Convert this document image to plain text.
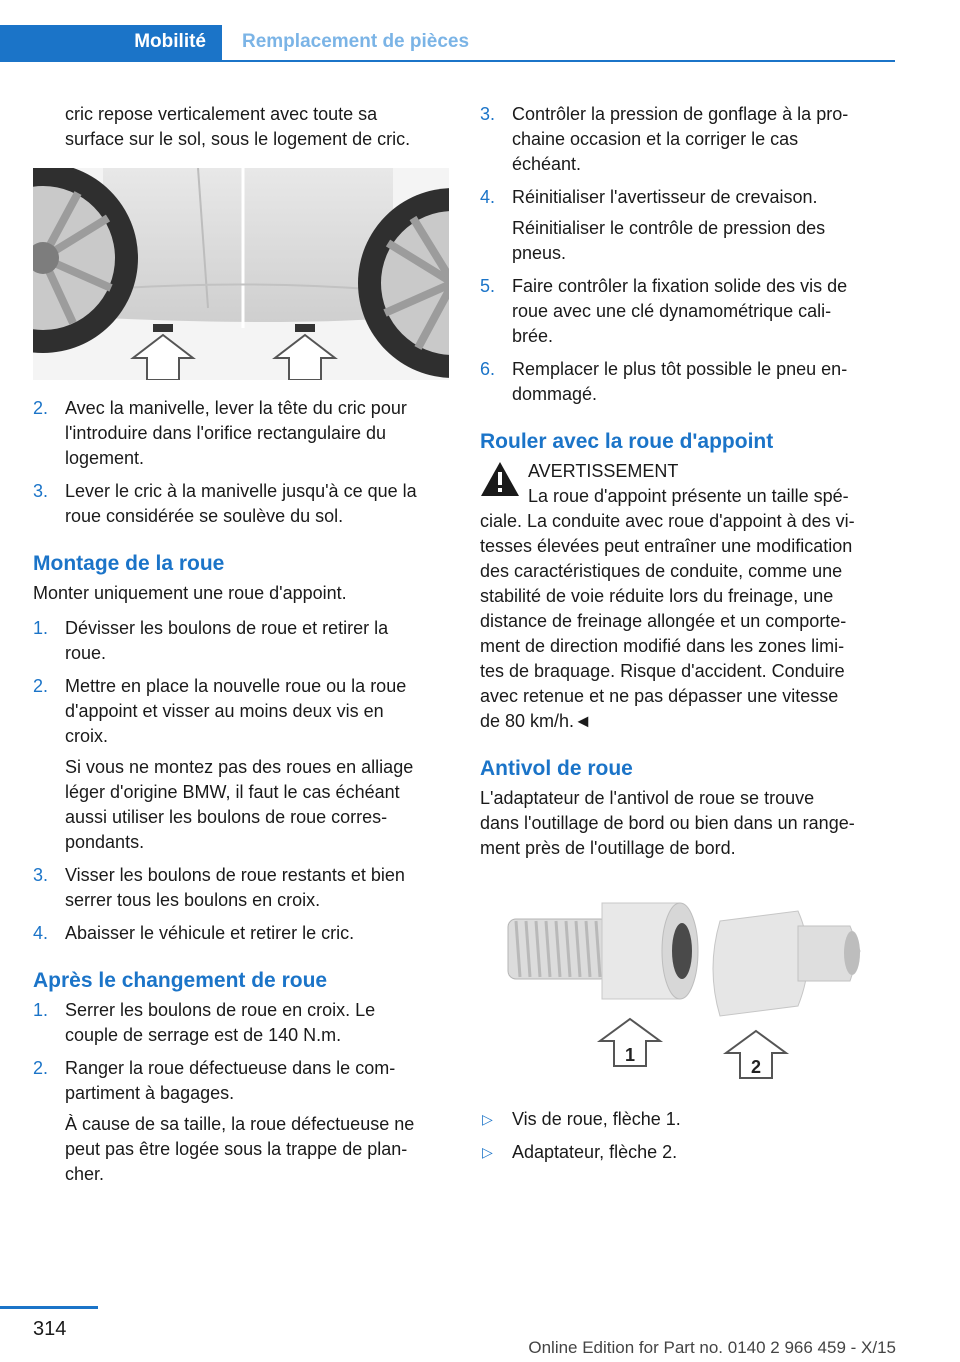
Mobilité Remplacement de pièces

cric repose verticalement avec toute sa

surface sur le sol, sous le logement de cric.

2. Avec la manivelle, lever la tête du cric pour

l'introduire dans l'orifice rectangulaire du

logement.

3. Lever le cric à la manivelle jusqu'à ce que la

roue considérée se soulève du sol.

Montage de la roue

Monter uniquement une roue d'appoint.

1. Dévisser les boulons de roue et retirer la

roue.

2. Mettre en place la nouvelle roue ou la roue

d'appoint et visser au moins deux vis en

croix.

Si vous ne montez pas des roues en alliage

léger d'origine BMW, il faut le cas échéant

aussi utiliser les boulons de roue corres‐

pondants.

3. Visser les boulons de roue restants et bien

serrer tous les boulons en croix.

4. Abaisser le véhicule et retirer le cric.

Après le changement de roue
1. Serrer les boulons de roue en croix. Le

couple de serrage est de 140 N.m.

2. Ranger la roue défectueuse dans le com‐

partiment à bagages.

À cause de sa taille, la roue défectueuse ne

peut pas être logée sous la trappe de plan‐

cher.

3. Contrôler la pression de gonflage à la pro‐

chaine occasion et la corriger le cas

échéant.

4. Réinitialiser l'avertisseur de crevaison.

Réinitialiser le contrôle de pression des

pneus.

5. Faire contrôler la fixation solide des vis de

roue avec une clé dynamométrique cali‐

brée.

6. Remplacer le plus tôt possible le pneu en‐

dommagé.

Rouler avec la roue d'appoint
AVERTISSEMENT

La roue d'appoint présente un taille spé‐

ciale. La conduite avec roue d'appoint à des vi‐

tesses élevées peut entraîner une modification

des caractéristiques de conduite, comme une

stabilité de voie réduite lors du freinage, une

distance de freinage allongée et un comporte‐

ment de direction modifié dans les zones limi‐

tes de braquage. Risque d'accident. Conduire

avec retenue et ne pas dépasser une vitesse

de 80 km/h.◄

Antivol de roue

L'adaptateur de l'antivol de roue se trouve

dans l'outillage de bord ou bien dans un range‐

ment près de l'outillage de bord.

1
2
▷ Vis de roue, flèche 1.

▷ Adaptateur, flèche 2.

314
Online Edition for Part no. 0140 2 966 459 - X/15
